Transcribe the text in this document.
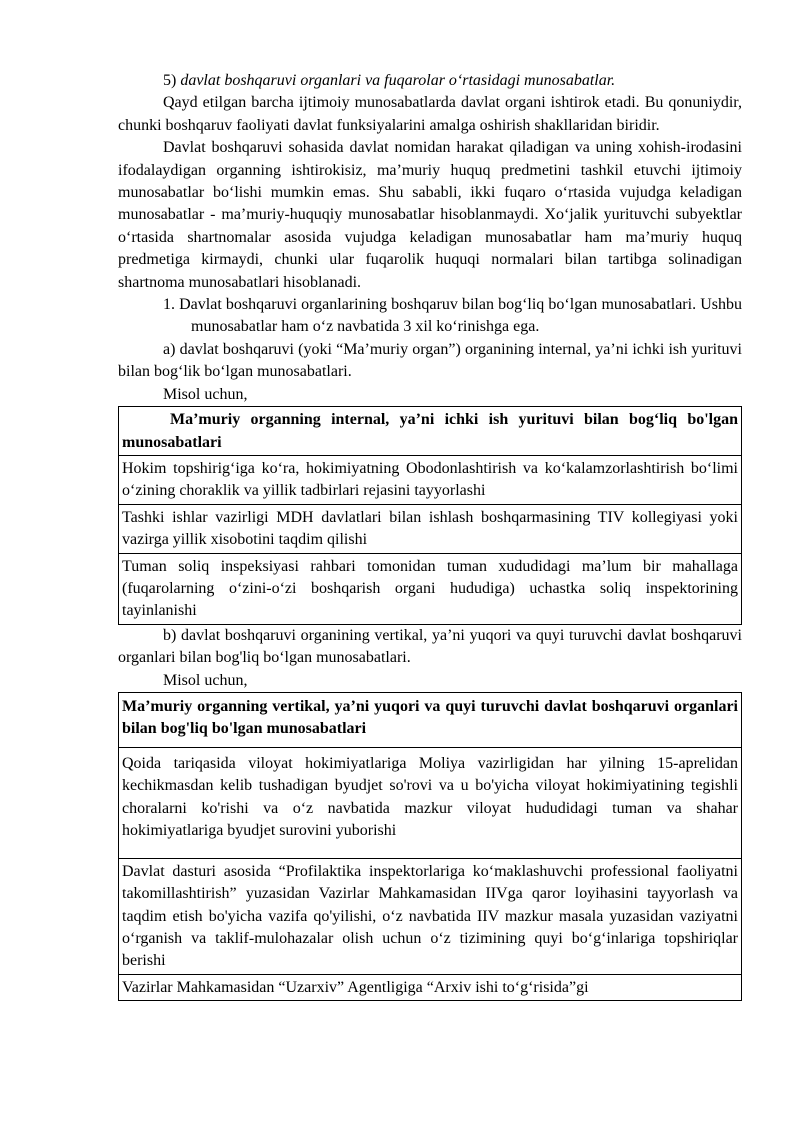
5) davlat boshqaruvi organlari va fuqarolar o‘rtasidagi munosabatlar.

Qayd etilgan barcha ijtimoiy munosabatlarda davlat organi ishtirok etadi. Bu qonuniydir, chunki boshqaruv faoliyati davlat funksiyalarini amalga oshirish shakllaridan biridir.

Davlat boshqaruvi sohasida davlat nomidan harakat qiladigan va uning xohish-irodasini ifodalaydigan organning ishtirokisiz, ma’muriy huquq predmetini tashkil etuvchi ijtimoiy munosabatlar bo‘lishi mumkin emas. Shu sababli, ikki fuqaro o‘rtasida vujudga keladigan munosabatlar - ma’muriy-huquqiy munosabatlar hisoblanmaydi. Xo‘jalik yurituvchi subyektlar o‘rtasida shartnomalar asosida vujudga keladigan munosabatlar ham ma’muriy huquq predmetiga kirmaydi, chunki ular fuqarolik huquqi normalari bilan tartibga solinadigan shartnoma munosabatlari hisoblanadi.

1. Davlat boshqaruvi organlarining boshqaruv bilan bog‘liq bo‘lgan munosabatlari. Ushbu munosabatlar ham o‘z navbatida 3 xil ko‘rinishga ega.

a) davlat boshqaruvi (yoki “Ma’muriy organ”) organining internal, ya’ni ichki ish yurituvi bilan bog‘lik bo‘lgan munosabatlari.

Misol uchun,

Ma’muriy organning internal, ya’ni ichki ish yurituvi bilan bog‘liq bo'lgan munosabatlari
Hokim topshirig‘iga ko‘ra, hokimiyatning Obodonlashtirish va ko‘kalamzorlashtirish bo‘limi o‘zining choraklik va yillik tadbirlari rejasini tayyorlashi
Tashki ishlar vazirligi MDH davlatlari bilan ishlash boshqarmasining TIV kollegiyasi yoki vazirga yillik xisobotini taqdim qilishi
Tuman soliq inspeksiyasi rahbari tomonidan tuman xududidagi ma’lum bir mahallaga (fuqarolarning o‘zini-o‘zi boshqarish organi hududiga) uchastka soliq inspektorining tayinlanishi

b) davlat boshqaruvi organining vertikal, ya’ni yuqori va quyi turuvchi davlat boshqaruvi organlari bilan bog'liq bo‘lgan munosabatlari.

Misol uchun,

Ma’muriy organning vertikal, ya’ni yuqori va quyi turuvchi davlat boshqaruvi organlari bilan bog'liq bo'lgan munosabatlari
Qoida tariqasida viloyat hokimiyatlariga Moliya vazirligidan har yilning 15-aprelidan kechikmasdan kelib tushadigan byudjet so'rovi va u bo'yicha viloyat hokimiyatining tegishli choralarni ko'rishi va o‘z navbatida mazkur viloyat hududidagi tuman va shahar hokimiyatlariga byudjet surovini yuborishi
Davlat dasturi asosida “Profilaktika inspektorlariga ko‘maklashuvchi professional faoliyatni takomillashtirish” yuzasidan Vazirlar Mahkamasidan IIVga qaror loyihasini tayyorlash va taqdim etish bo'yicha vazifa qo'yilishi, o‘z navbatida IIV mazkur masala yuzasidan vaziyatni o‘rganish va taklif-mulohazalar olish uchun o‘z tizimining quyi bo‘g‘inlariga topshiriqlar berishi
Vazirlar Mahkamasidan “Uzarxiv” Agentligiga “Arxiv ishi to‘g‘risida”gi
